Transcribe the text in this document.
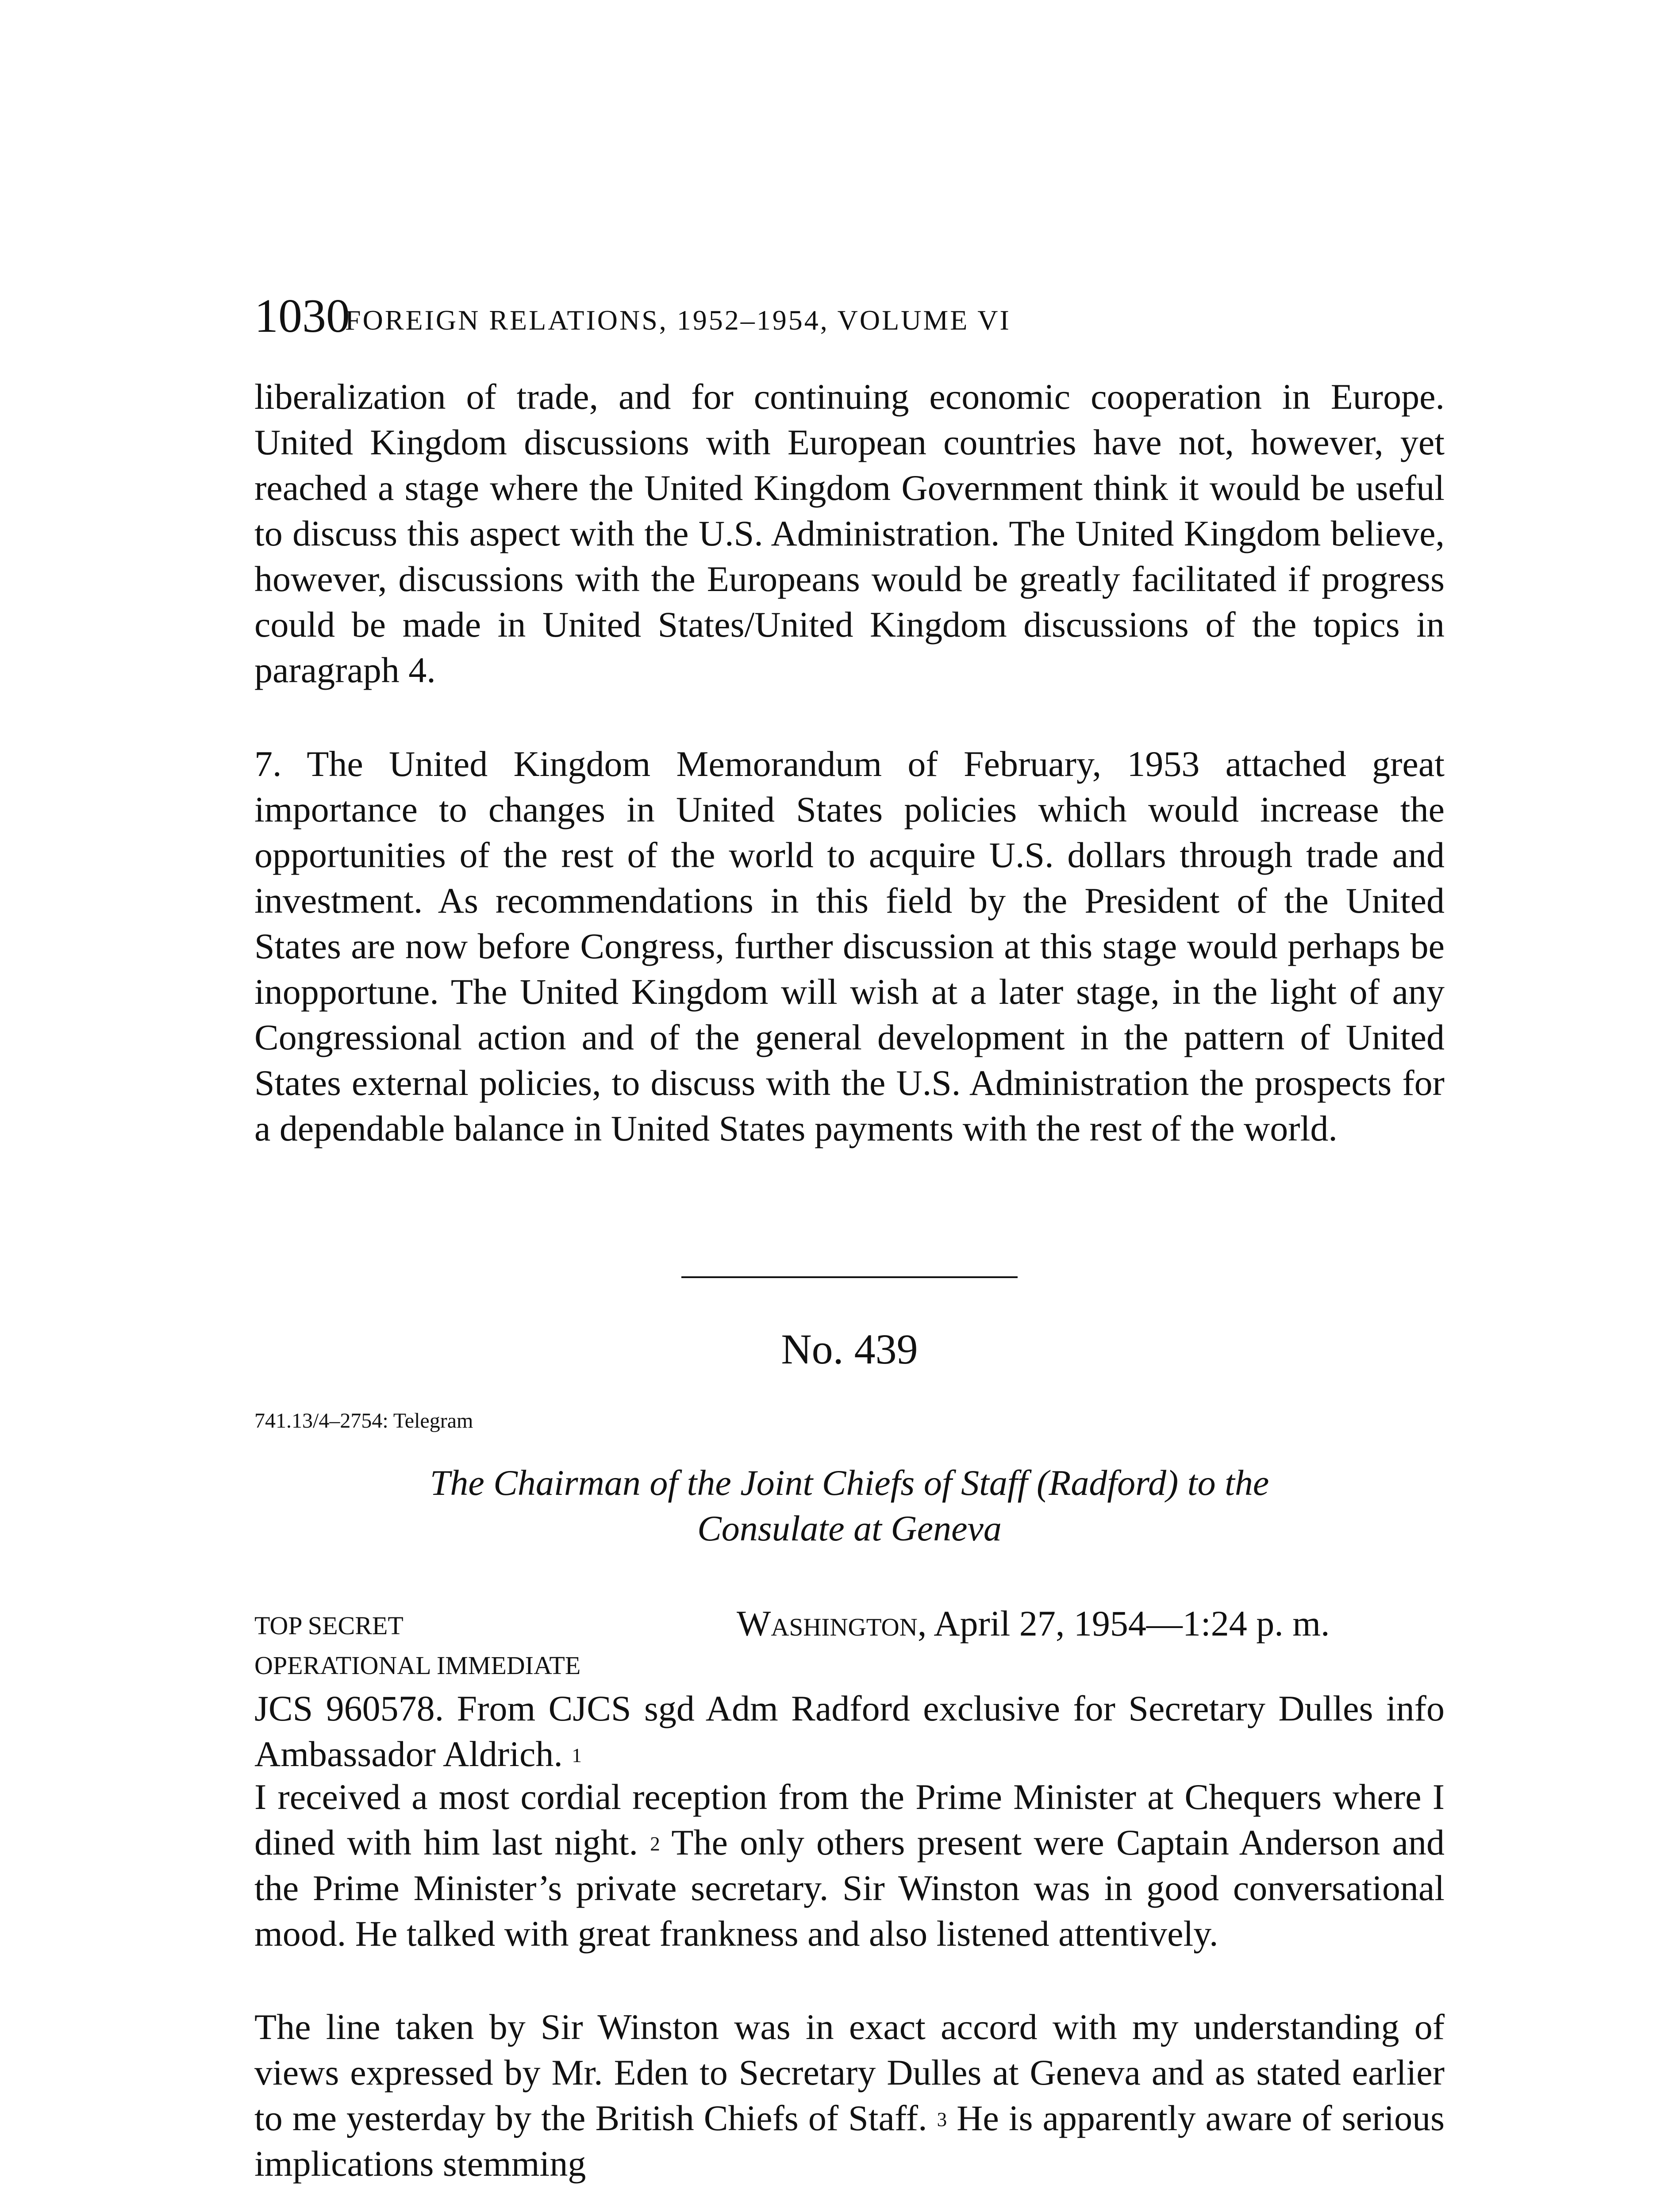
1030
FOREIGN RELATIONS, 1952–1954, VOLUME VI

liberalization of trade, and for continuing economic cooperation in Europe. United Kingdom discussions with European countries have not, however, yet reached a stage where the United Kingdom Government think it would be useful to discuss this aspect with the U.S. Administration. The United Kingdom believe, however, discussions with the Europeans would be greatly facilitated if progress could be made in United States/United Kingdom discussions of the topics in paragraph 4.

7. The United Kingdom Memorandum of February, 1953 attached great importance to changes in United States policies which would increase the opportunities of the rest of the world to acquire U.S. dollars through trade and investment. As recommendations in this field by the President of the United States are now before Congress, further discussion at this stage would perhaps be inopportune. The United Kingdom will wish at a later stage, in the light of any Congressional action and of the general development in the pattern of United States external policies, to discuss with the U.S. Administration the prospects for a dependable balance in United States payments with the rest of the world.

No. 439
741.13/4–2754: Telegram
The Chairman of the Joint Chiefs of Staff (Radford) to the
Consulate at Geneva
TOP SECRET
OPERATIONAL IMMEDIATE
Washington, April 27, 1954—1:24 p. m.

JCS 960578. From CJCS sgd Adm Radford exclusive for Secretary Dulles info Ambassador Aldrich. $^1$

I received a most cordial reception from the Prime Minister at Chequers where I dined with him last night. $^2$ The only others present were Captain Anderson and the Prime Minister’s private secretary. Sir Winston was in good conversational mood. He talked with great frankness and also listened attentively.

The line taken by Sir Winston was in exact accord with my understanding of views expressed by Mr. Eden to Secretary Dulles at Geneva and as stated earlier to me yesterday by the British Chiefs of Staff. $^3$ He is apparently aware of serious implications stemming
